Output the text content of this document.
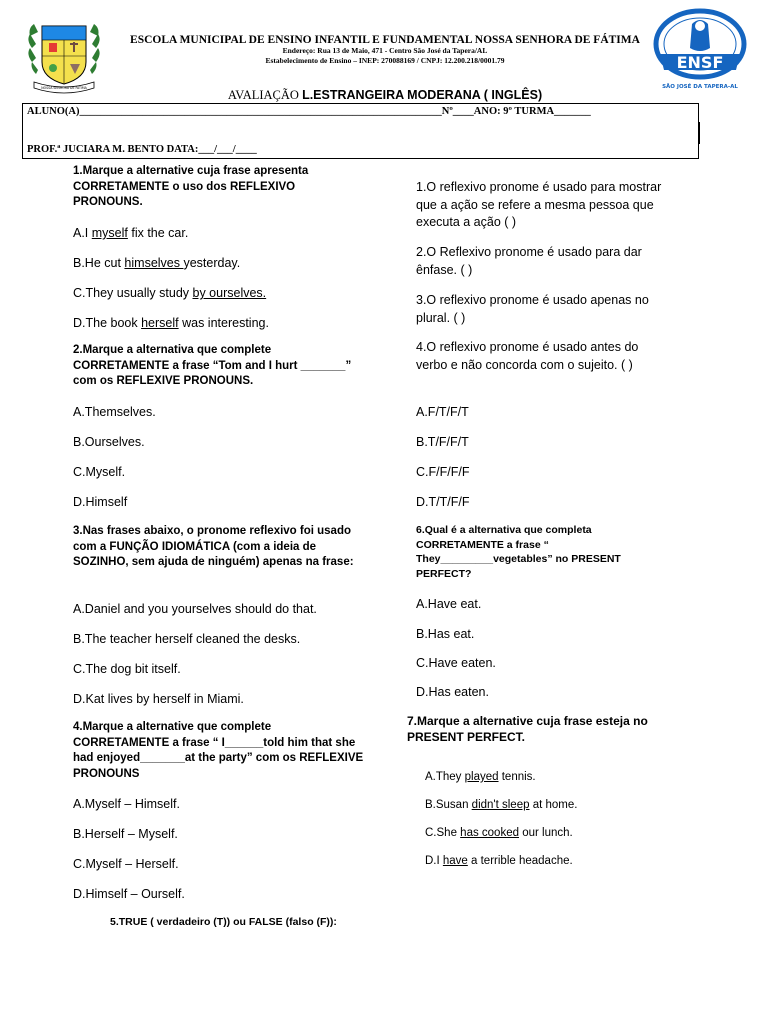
NOSSA SENHORA DE FÁTIMA
ENSF
SÃO JOSÉ DA TAPERA-AL
ESCOLA MUNICIPAL DE ENSINO INFANTIL E FUNDAMENTAL NOSSA SENHORA DE FÁTIMA
Endereço: Rua 13 de Maio, 471 - Centro São José da Tapera/AL
Estabelecimento de Ensino – INEP: 270088169 / CNPJ: 12.200.218/0001.79
AVALIAÇÃO L.ESTRANGEIRA MODERANA ( INGLÊS)
ALUNO(A)_____________________________________________________________________Nº____ANO: 9º TURMA_______
PROF.ª JUCIARA M. BENTO DATA:___/___/____
1.Marque a alternative cuja frase apresenta CORRETAMENTE o uso dos REFLEXIVO PRONOUNS.
A.I myself fix the car.
B.He cut himselves yesterday.
C.They usually study by ourselves.
D.The book herself was interesting.
2.Marque a alternativa que complete CORRETAMENTE a frase “Tom and I hurt _______” com os REFLEXIVE PRONOUNS.
A.Themselves.
B.Ourselves.
C.Myself.
D.Himself
3.Nas frases abaixo, o pronome reflexivo foi usado com a FUNÇÃO IDIOMÁTICA (com a ideia de SOZINHO, sem ajuda de ninguém) apenas na frase:
A.Daniel and you yourselves should do that.
B.The teacher herself cleaned the desks.
C.The dog bit itself.
D.Kat lives by herself in Miami.
4.Marque a alternative que complete CORRETAMENTE a frase “ I______told him that she had enjoyed_______at the party” com os REFLEXIVE PRONOUNS
A.Myself – Himself.
B.Herself – Myself.
C.Myself – Herself.
D.Himself – Ourself.
5.TRUE ( verdadeiro (T)) ou FALSE (falso (F)):
1.O reflexivo pronome é usado para mostrar que a ação se refere a mesma pessoa que executa a ação ( )
2.O Reflexivo pronome é usado para dar ênfase. ( )
3.O reflexivo pronome é usado apenas no plural. ( )
4.O reflexivo pronome é usado antes do verbo e não concorda com o sujeito. ( )
A.F/T/F/T
B.T/F/F/T
C.F/F/F/F
D.T/T/F/F
6.Qual é a alternativa que completa CORRETAMENTE a frase “ They_________vegetables” no PRESENT PERFECT?
A.Have eat.
B.Has eat.
C.Have eaten.
D.Has eaten.
7.Marque a alternative cuja frase esteja no PRESENT PERFECT.
A.They played tennis.
B.Susan didn't sleep at home.
C.She has cooked our lunch.
D.I have a terrible headache.
